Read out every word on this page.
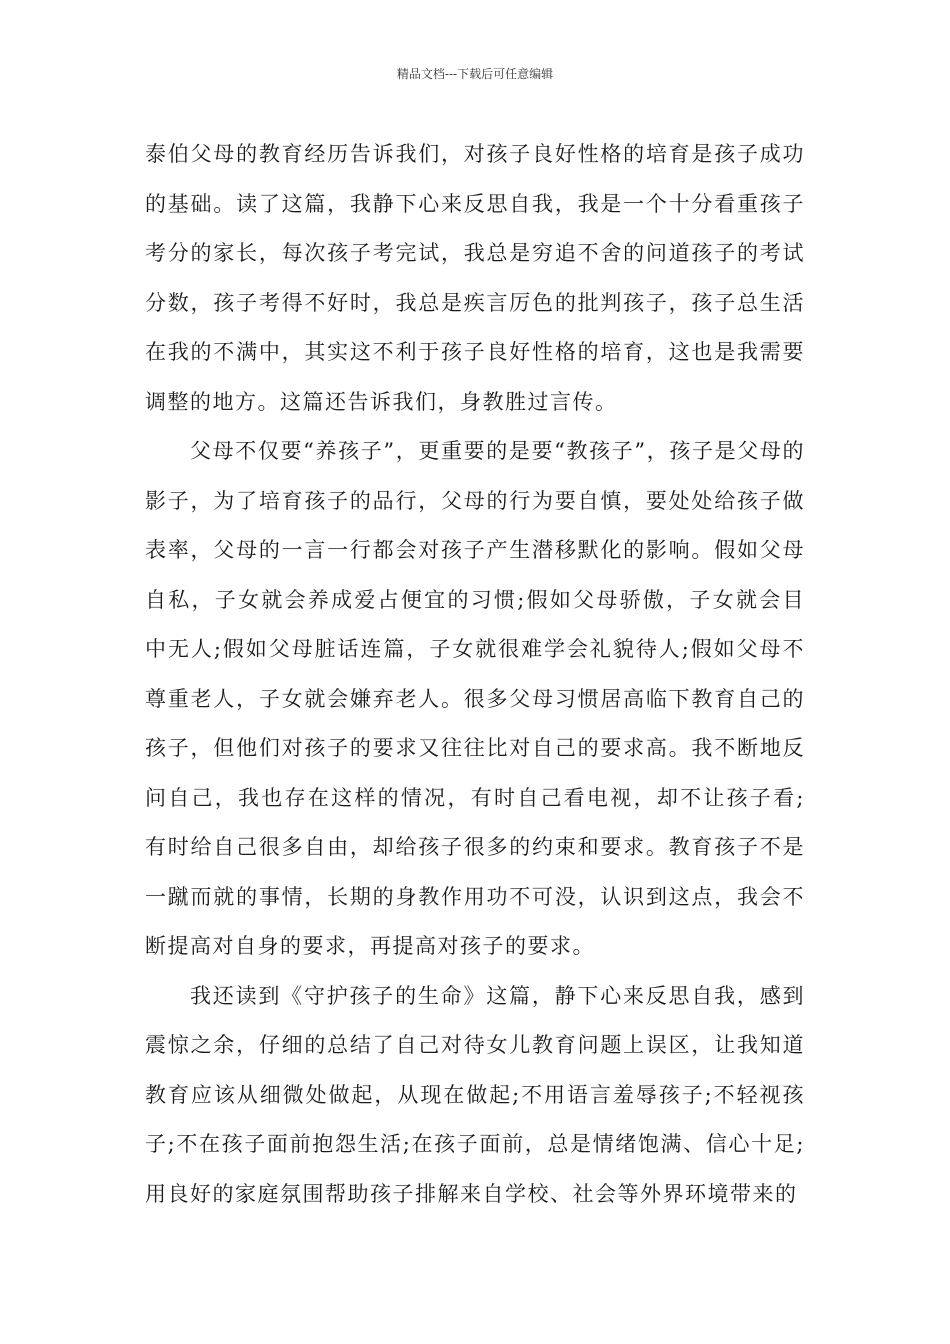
精品文档---下载后可任意编辑

泰伯父母的教育经历告诉我们，对孩子良好性格的培育是孩子成功的基础。读了这篇，我静下心来反思自我，我是一个十分看重孩子考分的家长，每次孩子考完试，我总是穷追不舍的问道孩子的考试分数，孩子考得不好时，我总是疾言厉色的批判孩子，孩子总生活在我的不满中，其实这不利于孩子良好性格的培育，这也是我需要调整的地方。这篇还告诉我们，身教胜过言传。

父母不仅要“养孩子”，更重要的是要“教孩子”，孩子是父母的影子，为了培育孩子的品行，父母的行为要自慎，要处处给孩子做表率，父母的一言一行都会对孩子产生潜移默化的影响。假如父母自私，子女就会养成爱占便宜的习惯;假如父母骄傲，子女就会目中无人;假如父母脏话连篇，子女就很难学会礼貌待人;假如父母不尊重老人，子女就会嫌弃老人。很多父母习惯居高临下教育自己的孩子，但他们对孩子的要求又往往比对自己的要求高。我不断地反问自己，我也存在这样的情况，有时自己看电视，却不让孩子看;有时给自己很多自由，却给孩子很多的约束和要求。教育孩子不是一蹴而就的事情，长期的身教作用功不可没，认识到这点，我会不断提高对自身的要求，再提高对孩子的要求。

我还读到《守护孩子的生命》这篇，静下心来反思自我，感到震惊之余，仔细的总结了自己对待女儿教育问题上误区，让我知道教育应该从细微处做起，从现在做起;不用语言羞辱孩子;不轻视孩子;不在孩子面前抱怨生活;在孩子面前，总是情绪饱满、信心十足;用良好的家庭氛围帮助孩子排解来自学校、社会等外界环境带来的
